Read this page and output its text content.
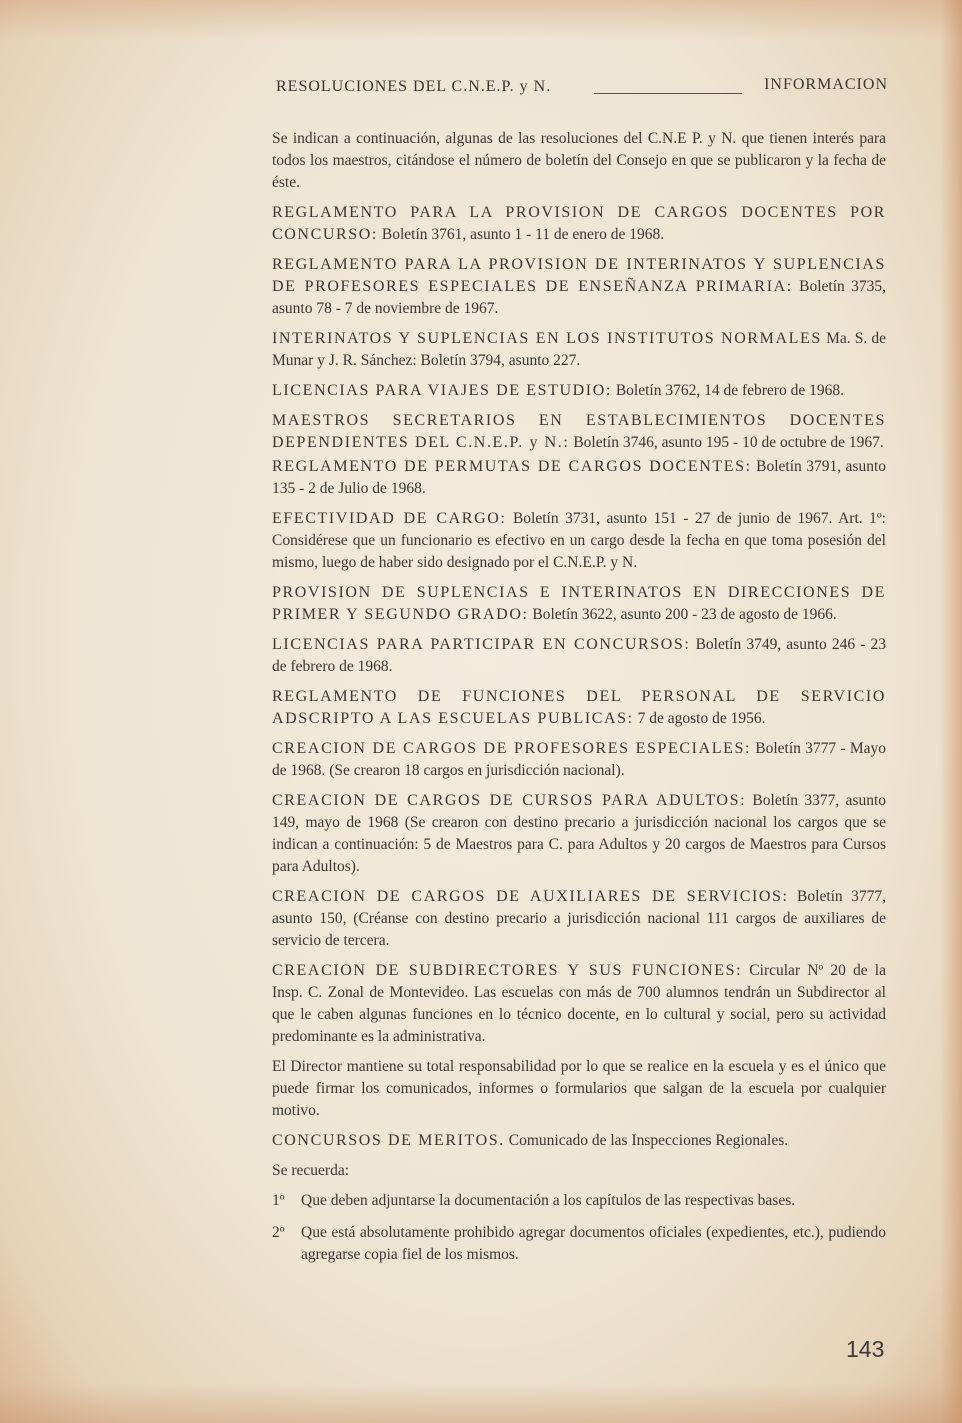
RESOLUCIONES DEL C.N.E.P. y N.	INFORMACION

Se indican a continuación, algunas de las resoluciones del C.N.E P. y N. que tienen interés para todos los maestros, citándose el número de boletín del Consejo en que se publicaron y la fecha de éste.

REGLAMENTO PARA LA PROVISION DE CARGOS DOCENTES POR CONCURSO: Boletín 3761, asunto 1 - 11 de enero de 1968.

REGLAMENTO PARA LA PROVISION DE INTERINATOS Y SUPLENCIAS DE PROFESORES ESPECIALES DE ENSEÑANZA PRIMARIA: Boletín 3735, asunto 78 - 7 de noviembre de 1967.

INTERINATOS Y SUPLENCIAS EN LOS INSTITUTOS NORMALES Ma. S. de Munar y J. R. Sánchez: Boletín 3794, asunto 227.

LICENCIAS PARA VIAJES DE ESTUDIO: Boletín 3762, 14 de febrero de 1968.

MAESTROS SECRETARIOS EN ESTABLECIMIENTOS DOCENTES DEPENDIENTES DEL C.N.E.P. y N.: Boletín 3746, asunto 195 - 10 de octubre de 1967.

REGLAMENTO DE PERMUTAS DE CARGOS DOCENTES: Boletín 3791, asunto 135 - 2 de Julio de 1968.

EFECTIVIDAD DE CARGO: Boletín 3731, asunto 151 - 27 de junio de 1967. Art. 1º: Considérese que un funcionario es efectivo en un cargo desde la fecha en que toma posesión del mismo, luego de haber sido designado por el C.N.E.P. y N.

PROVISION DE SUPLENCIAS E INTERINATOS EN DIRECCIONES DE PRIMER Y SEGUNDO GRADO: Boletín 3622, asunto 200 - 23 de agosto de 1966.

LICENCIAS PARA PARTICIPAR EN CONCURSOS: Boletín 3749, asunto 246 - 23 de febrero de 1968.

REGLAMENTO DE FUNCIONES DEL PERSONAL DE SERVICIO ADSCRIPTO A LAS ESCUELAS PUBLICAS: 7 de agosto de 1956.

CREACION DE CARGOS DE PROFESORES ESPECIALES: Boletín 3777 - Mayo de 1968. (Se crearon 18 cargos en jurisdicción nacional).

CREACION DE CARGOS DE CURSOS PARA ADULTOS: Boletín 3377, asunto 149, mayo de 1968 (Se crearon con destino precario a jurisdicción nacional los cargos que se indican a continuación: 5 de Maestros para C. para Adultos y 20 cargos de Maestros para Cursos para Adultos).

CREACION DE CARGOS DE AUXILIARES DE SERVICIOS: Boletín 3777, asunto 150, (Créanse con destino precario a jurisdicción nacional 111 cargos de auxiliares de servicio de tercera.

CREACION DE SUBDIRECTORES Y SUS FUNCIONES: Circular Nº 20 de la Insp. C. Zonal de Montevideo. Las escuelas con más de 700 alumnos tendrán un Subdirector al que le caben algunas funciones en lo técnico docente, en lo cultural y social, pero su actividad predominante es la administrativa.

El Director mantiene su total responsabilidad por lo que se realice en la escuela y es el único que puede firmar los comunicados, informes o formularios que salgan de la escuela por cualquier motivo.

CONCURSOS DE MERITOS. Comunicado de las Inspecciones Regionales.

Se recuerda:

1º Que deben adjuntarse la documentación a los capítulos de las respectivas bases.
2º Que está absolutamente prohibido agregar documentos oficiales (expedientes, etc.), pudiendo agregarse copia fiel de los mismos.
143
